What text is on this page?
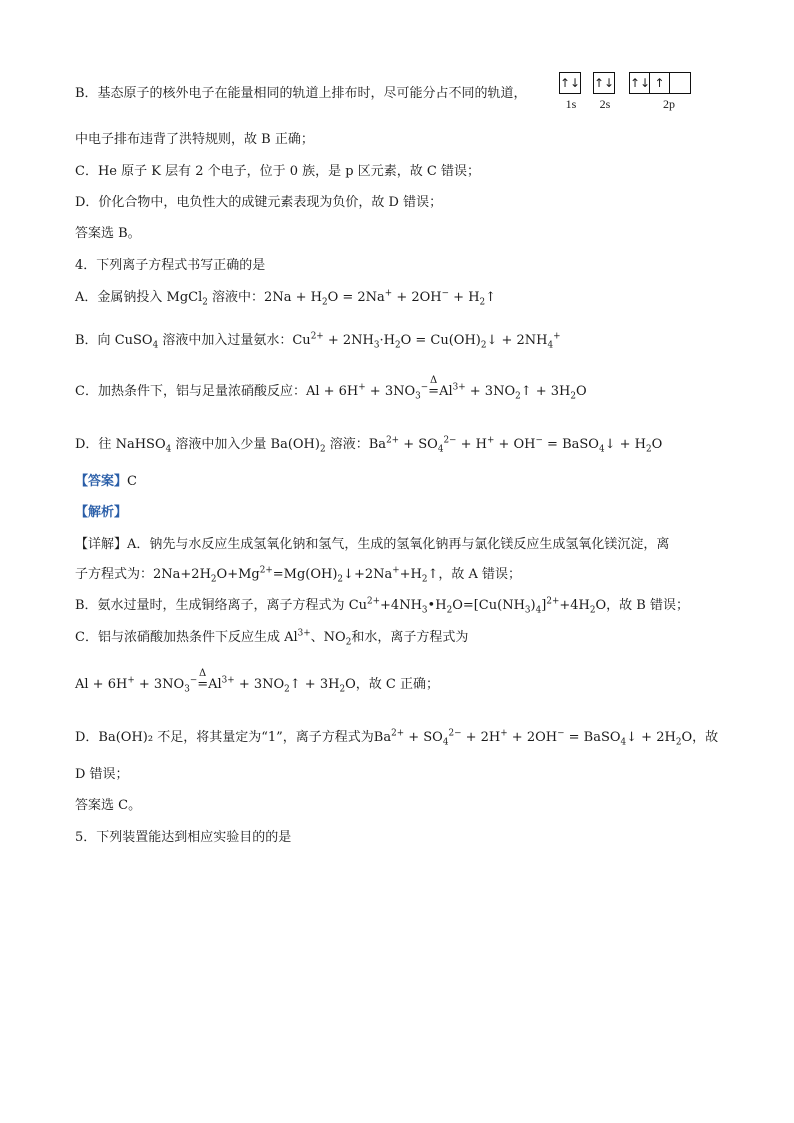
B．基态原子的核外电子在能量相同的轨道上排布时，尽可能分占不同的轨道，
↑↓ ↑↓ ↑↓ ↑
1s	2s	2p
中电子排布违背了洪特规则，故 B 正确；
C．He 原子 K 层有 2 个电子，位于 0 族，是 p 区元素，故 C 错误；
D．价化合物中，电负性大的成键元素表现为负价，故 D 错误；
答案选 B。
4．下列离子方程式书写正确的是
A．金属钠投入 MgCl$_2$ 溶液中：$2Na + H_2O = 2Na^+ + 2OH^-$ + $H_2↑$
B．向 CuSO$_4$ 溶液中加入过量氨水：$Cu^{2+} + 2NH_3\cdot H_2O$ = $Cu(OH)_2↓ + 2NH_4^+$
C．加热条件下，铝与足量浓硝酸反应：$Al + 6H^+ + 3NO_3^-=$
Δ
$Al^{3+}$ + $3NO_2↑ + 3H_2O$
D．往 NaHSO$_4$ 溶液中加入少量 $Ba(OH)_2$ 溶液：$Ba^{2+} + SO_4^{2-} + H^+ + OH^-$ = BaSO$_4$↓ + $H_2O$
【答案】C
【解析】
【详解】A．钠先与水反应生成氢氧化钠和氢气，生成的氢氧化钠再与氯化镁反应生成氢氧化镁沉淀，离
子方程式为：$2Na+2H_2O+Mg^{2+}=Mg(OH)_2↓+2Na^++H_2↑$，故 A 错误；
B．氨水过量时，生成铜络离子，离子方程式为 $Cu^{2+}+4NH_3•H_2O=[Cu(NH_3)_4]^{2+}+4H_2O$，故 B 错误；
C．铝与浓硝酸加热条件下反应生成 $Al^{3+}$、$NO_2$和水，离子方程式为
$Al + 6H^+ + 3NO_3^-=$
Δ
$Al^{3+}$ + $3NO_2↑ + 3H_2O$，故 C 正确；
D．Ba(OH)₂ 不足，将其量定为“1”，离子方程式为$Ba^{2+} + SO_4^{2-} + 2H^+ + 2OH^-$ = BaSO$_4$↓ + $2H_2O$，故
D 错误；
答案选 C。
5．下列装置能达到相应实验目的的是
